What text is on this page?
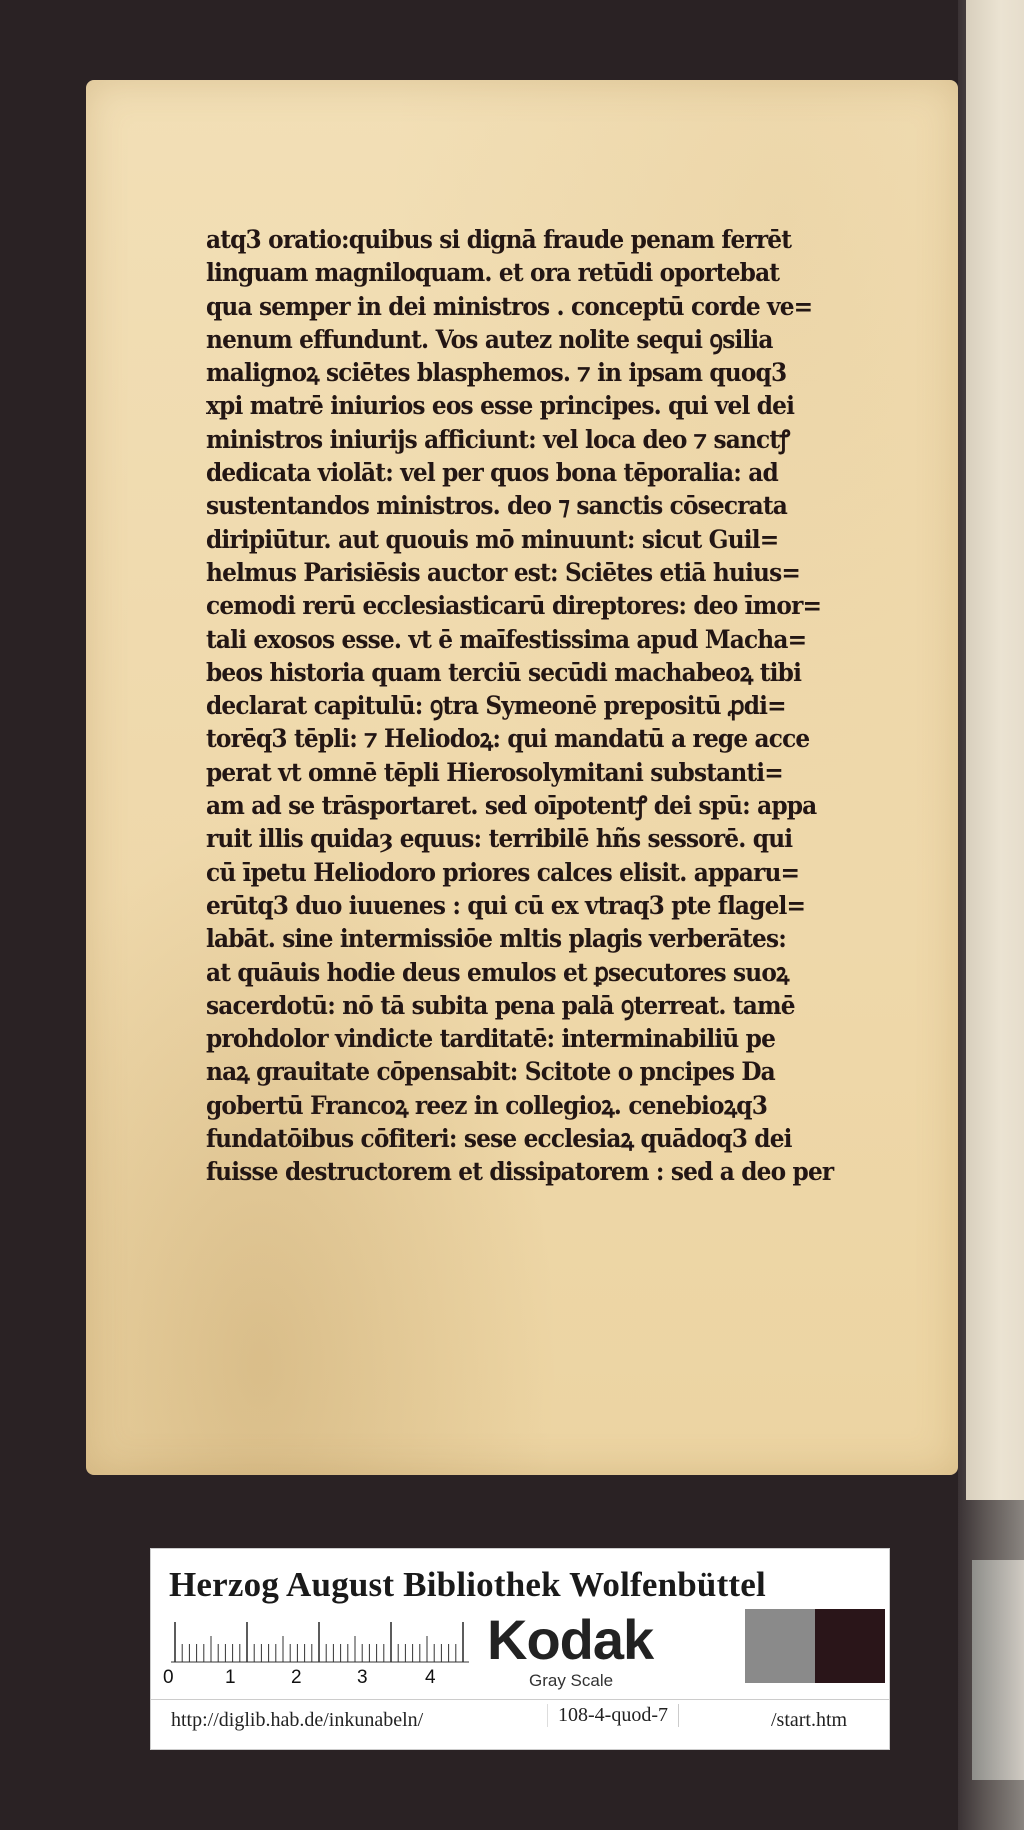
atq3 oratio:quibus si dignā fraude penam ferrēt
linguam magniloquam. et ora retūdi oportebat
qua semper in dei ministros . conceptū corde ve=
nenum effundunt. Vos autez nolite sequi ꝯsilia
malignoꝝ sciētes blasphemos. ⁊ in ipsam quoq3
xpi matrē iniurios eos esse principes. qui vel dei
ministros iniurijs afficiunt: vel loca deo ⁊ sanctꝭ
dedicata violāt: vel per quos bona tēporalia: ad
sustentandos ministros. deo ⁊ sanctis cōsecrata
diripiūtur. aut quouis mō minuunt: sicut Guil=
helmus Parisiēsis auctor est: Sciētes etiā huius=
cemodi rerū ecclesiasticarū direptores: deo īmor=
tali exosos esse. vt ē maīfestissima apud Macha=
beos historia quam terciū secūdi machabeoꝝ tibi
declarat capitulū: ꝯtra Symeonē prepositū ꝓdi=
torēq3 tēpli: ⁊ Heliodoꝝ: qui mandatū a rege acce
perat vt omnē tēpli Hierosolymitani substanti=
am ad se trāsportaret. sed oīpotentꝭ dei spū: appa
ruit illis quidaȝ equus: terribilē hñs sessorē. qui
cū īpetu Heliodoro priores calces elisit. apparu=
erūtq3 duo iuuenes : qui cū ex vtraq3 pte flagel=
labāt. sine intermissiōe mltis plagis verberātes:
at quāuis hodie deus emulos et ꝑsecutores suoꝝ
sacerdotū: nō tā subita pena palā ꝯterreat. tamē
prohdolor vindicte tarditatē: interminabiliū pe
naꝝ grauitate cōpensabit: Scitote o pncipes Da
gobertū Francoꝝ reez in collegioꝝ. cenebioꝝq3
fundatōibus cōfiteri: sese ecclesiaꝝ quādoq3 dei
fuisse destructorem et dissipatorem : sed a deo per
Herzog August Bibliothek Wolfenbüttel
0	1	2	3	4
Kodak
Gray Scale
http://diglib.hab.de/inkunabeln/	108-4-quod-7	/start.htm
